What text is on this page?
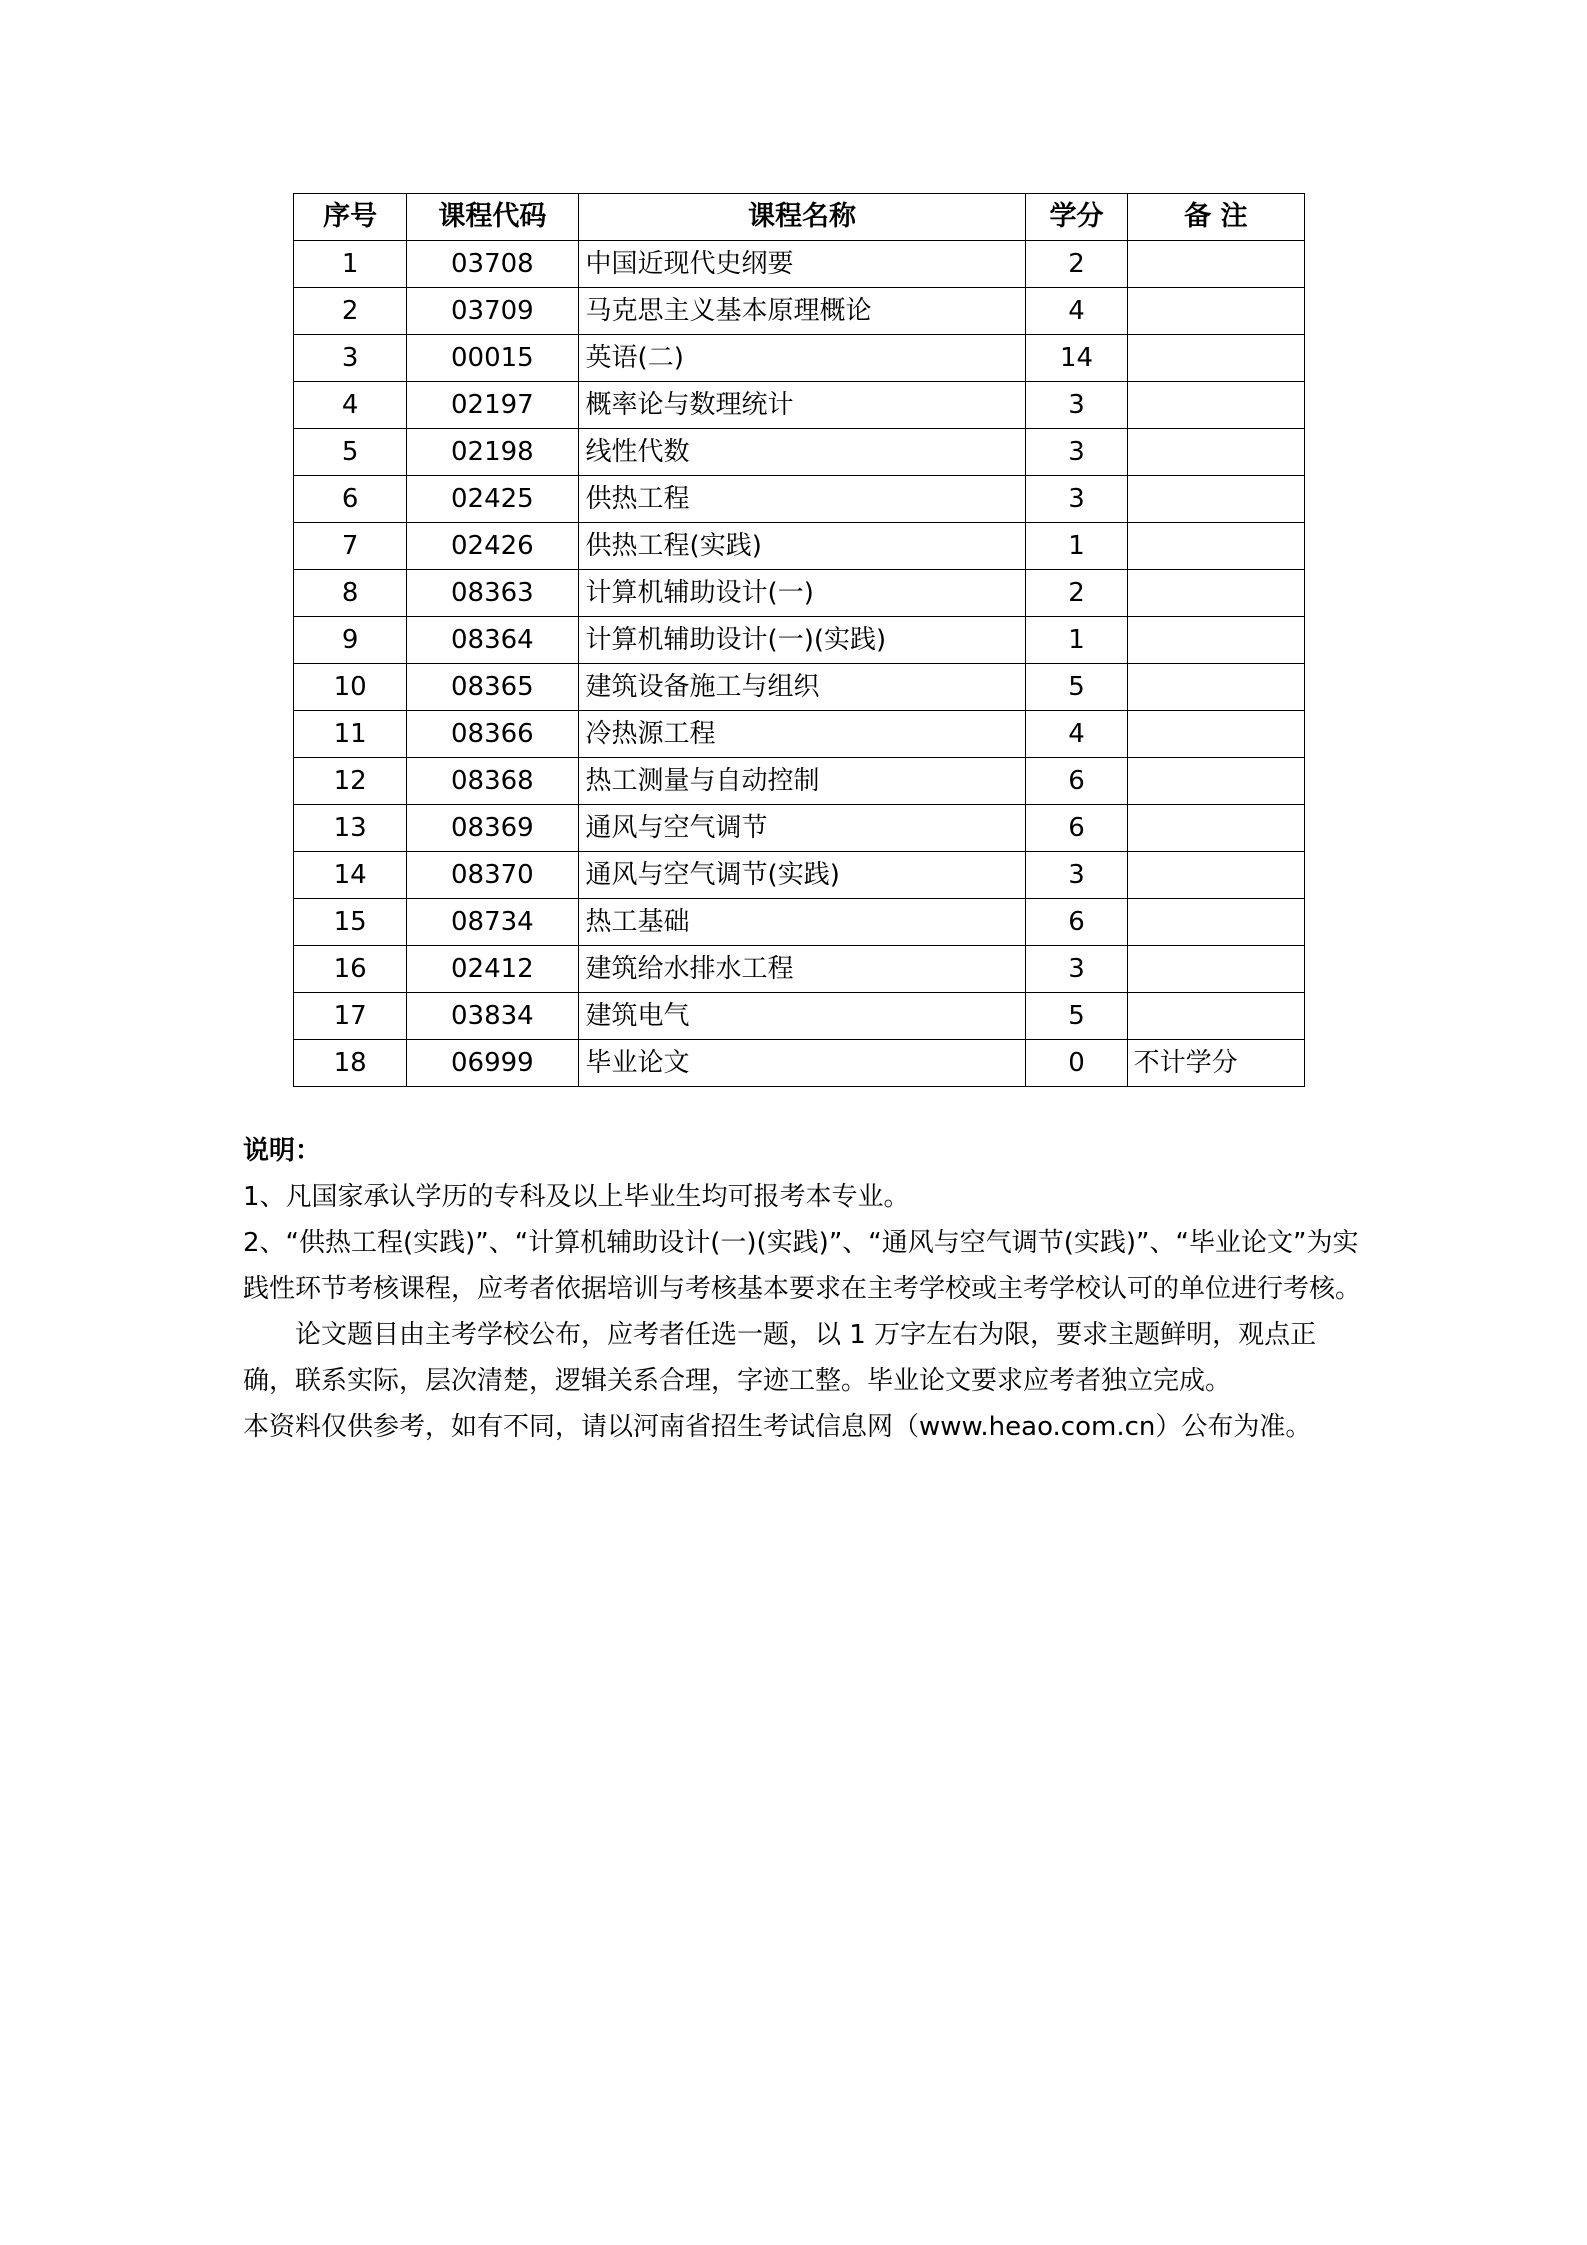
序号	课程代码	课程名称	学分	备 注
1	03708	中国近现代史纲要	2	
2	03709	马克思主义基本原理概论	4	
3	00015	英语(二)	14	
4	02197	概率论与数理统计	3	
5	02198	线性代数	3	
6	02425	供热工程	3	
7	02426	供热工程(实践)	1	
8	08363	计算机辅助设计(一)	2	
9	08364	计算机辅助设计(一)(实践)	1	
10	08365	建筑设备施工与组织	5	
11	08366	冷热源工程	4	
12	08368	热工测量与自动控制	6	
13	08369	通风与空气调节	6	
14	08370	通风与空气调节(实践)	3	
15	08734	热工基础	6	
16	02412	建筑给水排水工程	3	
17	03834	建筑电气	5	
18	06999	毕业论文	0	不计学分

说明：

1、凡国家承认学历的专科及以上毕业生均可报考本专业。

2、“供热工程(实践)”、“计算机辅助设计(一)(实践)”、“通风与空气调节(实践)”、“毕业论文”为实践性环节考核课程，应考者依据培训与考核基本要求在主考学校或主考学校认可的单位进行考核。

论文题目由主考学校公布，应考者任选一题，以 1 万字左右为限，要求主题鲜明，观点正确，联系实际，层次清楚，逻辑关系合理，字迹工整。毕业论文要求应考者独立完成。

本资料仅供参考，如有不同，请以河南省招生考试信息网（www.heao.com.cn）公布为准。
